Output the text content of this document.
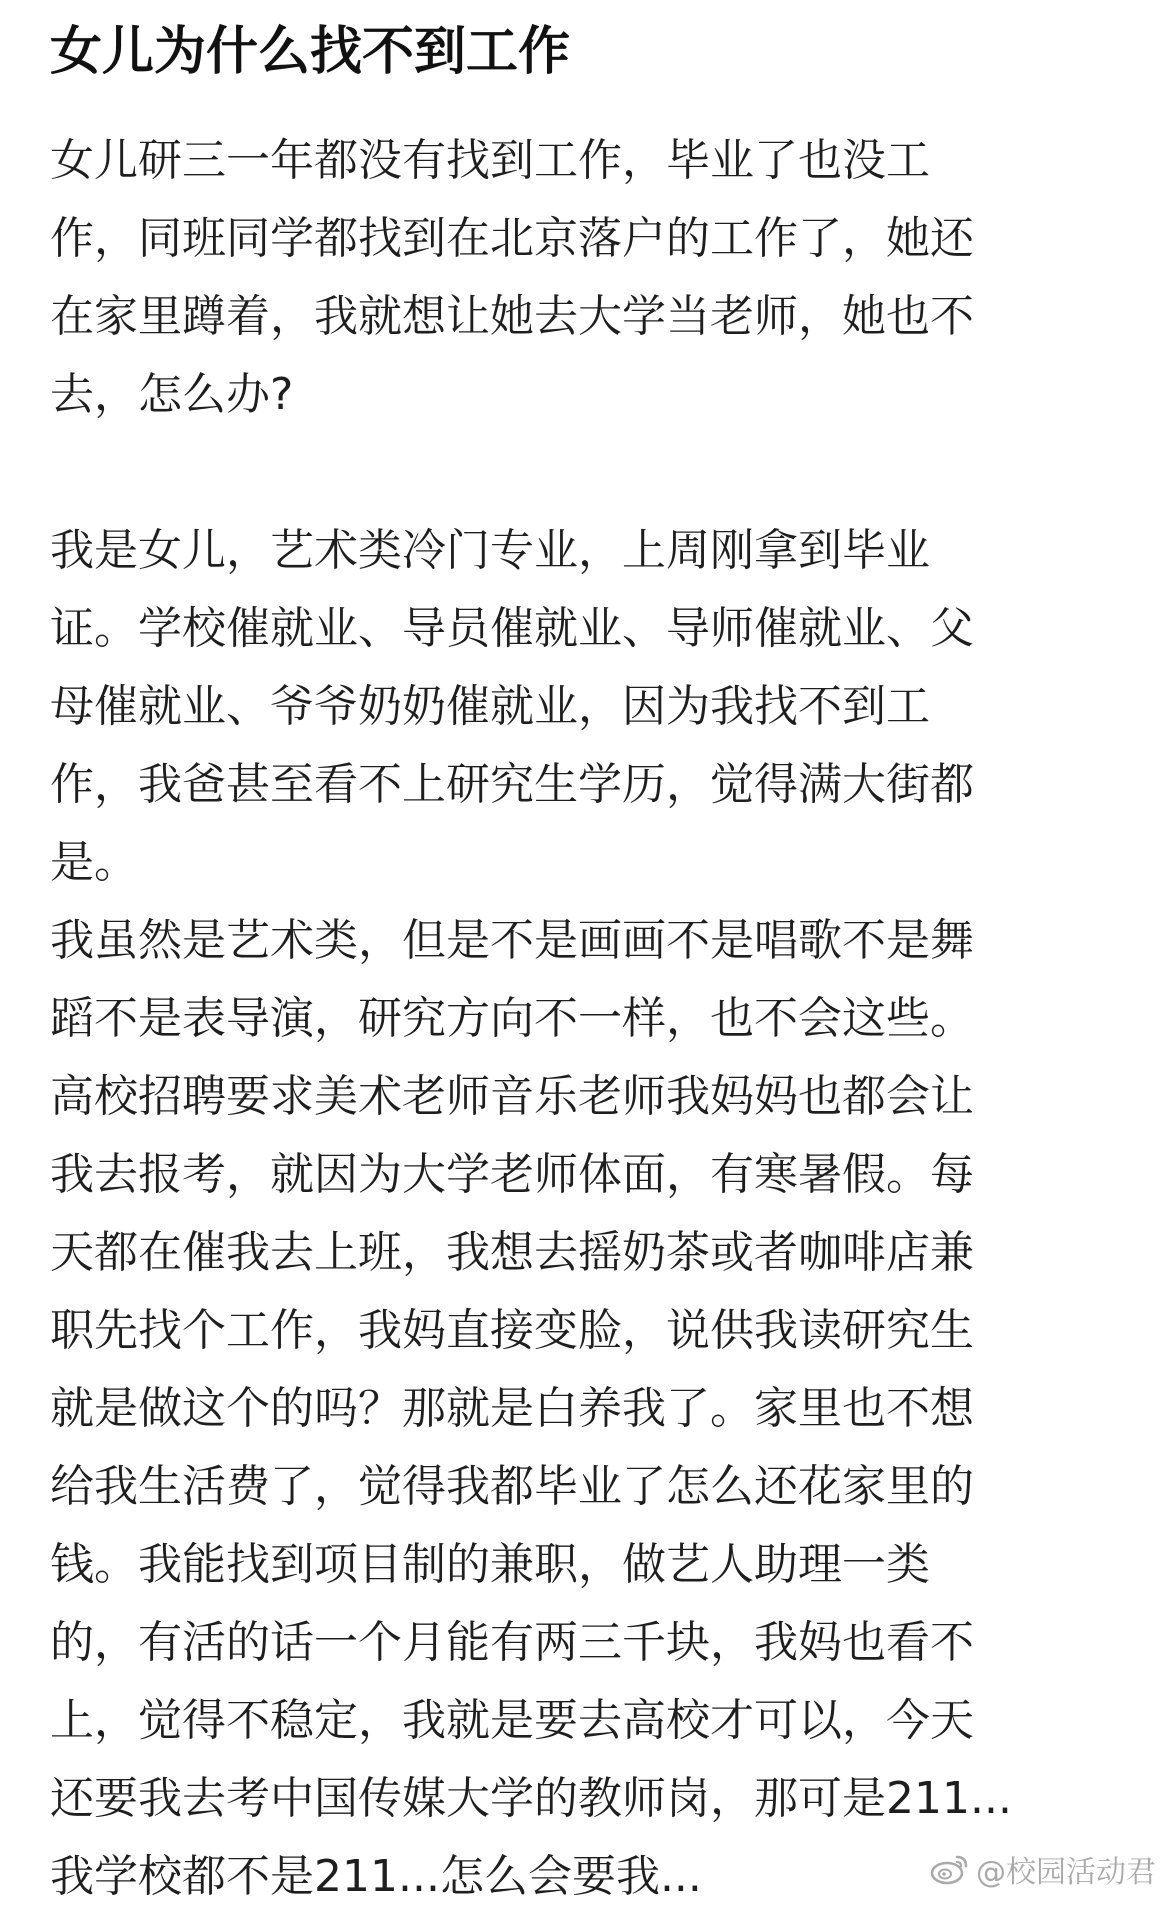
女儿为什么找不到工作

女儿研三一年都没有找到工作，毕业了也没工
作，同班同学都找到在北京落户的工作了，她还
在家里蹲着，我就想让她去大学当老师，她也不
去，怎么办?

我是女儿，艺术类冷门专业，上周刚拿到毕业
证。学校催就业、导员催就业、导师催就业、父
母催就业、爷爷奶奶催就业，因为我找不到工
作，我爸甚至看不上研究生学历，觉得满大街都
是。
我虽然是艺术类，但是不是画画不是唱歌不是舞
蹈不是表导演，研究方向不一样，也不会这些。
高校招聘要求美术老师音乐老师我妈妈也都会让
我去报考，就因为大学老师体面，有寒暑假。每
天都在催我去上班，我想去摇奶茶或者咖啡店兼
职先找个工作，我妈直接变脸，说供我读研究生
就是做这个的吗？那就是白养我了。家里也不想
给我生活费了，觉得我都毕业了怎么还花家里的
钱。我能找到项目制的兼职，做艺人助理一类
的，有活的话一个月能有两三千块，我妈也看不
上，觉得不稳定，我就是要去高校才可以，今天
还要我去考中国传媒大学的教师岗，那可是211...
我学校都不是211...怎么会要我...	@校园活动君
